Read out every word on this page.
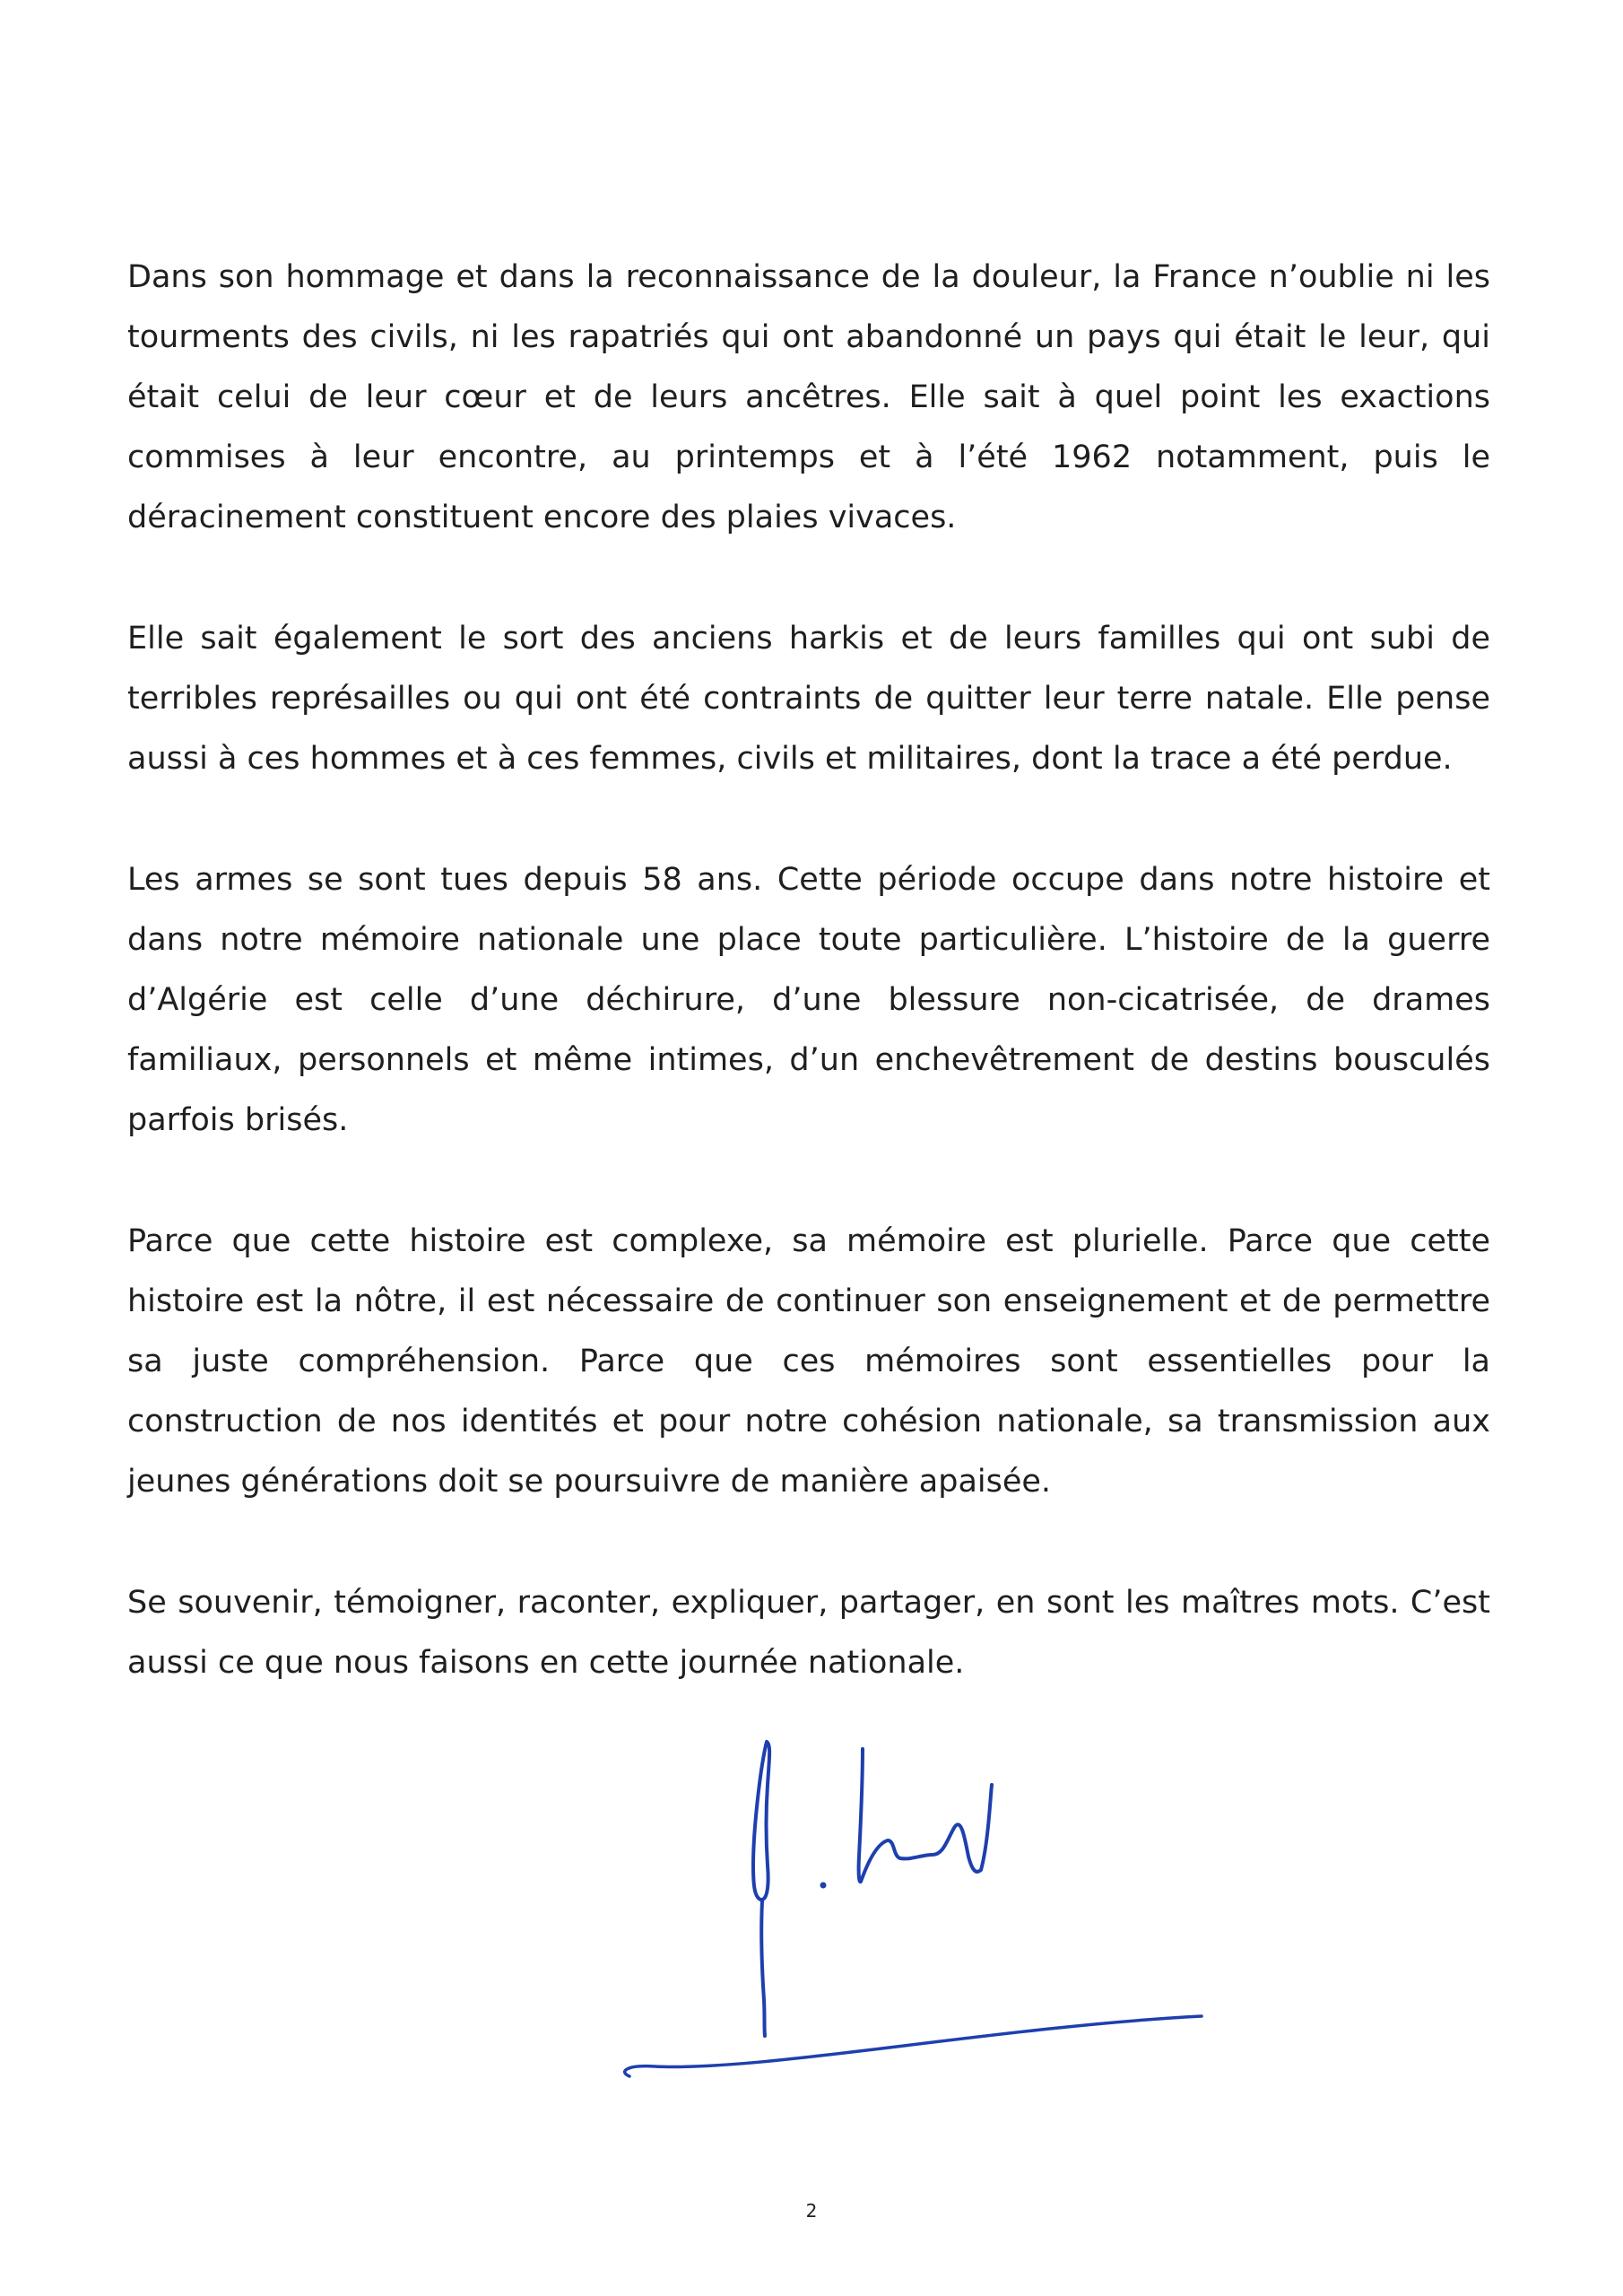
Dans son hommage et dans la reconnaissance de la douleur, la France n’oublie ni les tourments des civils, ni les rapatriés qui ont abandonné un pays qui était le leur, qui était celui de leur cœur et de leurs ancêtres. Elle sait à quel point les exactions commises à leur encontre, au printemps et à l’été 1962 notamment, puis le déracinement constituent encore des plaies vivaces.

Elle sait également le sort des anciens harkis et de leurs familles qui ont subi de terribles représailles ou qui ont été contraints de quitter leur terre natale. Elle pense aussi à ces hommes et à ces femmes, civils et militaires, dont la trace a été perdue.

Les armes se sont tues depuis 58 ans. Cette période occupe dans notre histoire et dans notre mémoire nationale une place toute particulière. L’histoire de la guerre d’Algérie est celle d’une déchirure, d’une blessure non-cicatrisée, de drames familiaux, personnels et même intimes, d’un enchevêtrement de destins bousculés parfois brisés.

Parce que cette histoire est complexe, sa mémoire est plurielle. Parce que cette histoire est la nôtre, il est nécessaire de continuer son enseignement et de permettre sa juste compréhension. Parce que ces mémoires sont essentielles pour la construction de nos identités et pour notre cohésion nationale, sa transmission aux jeunes générations doit se poursuivre de manière apaisée.

Se souvenir, témoigner, raconter, expliquer, partager, en sont les maîtres mots. C’est aussi ce que nous faisons en cette journée nationale.

2
